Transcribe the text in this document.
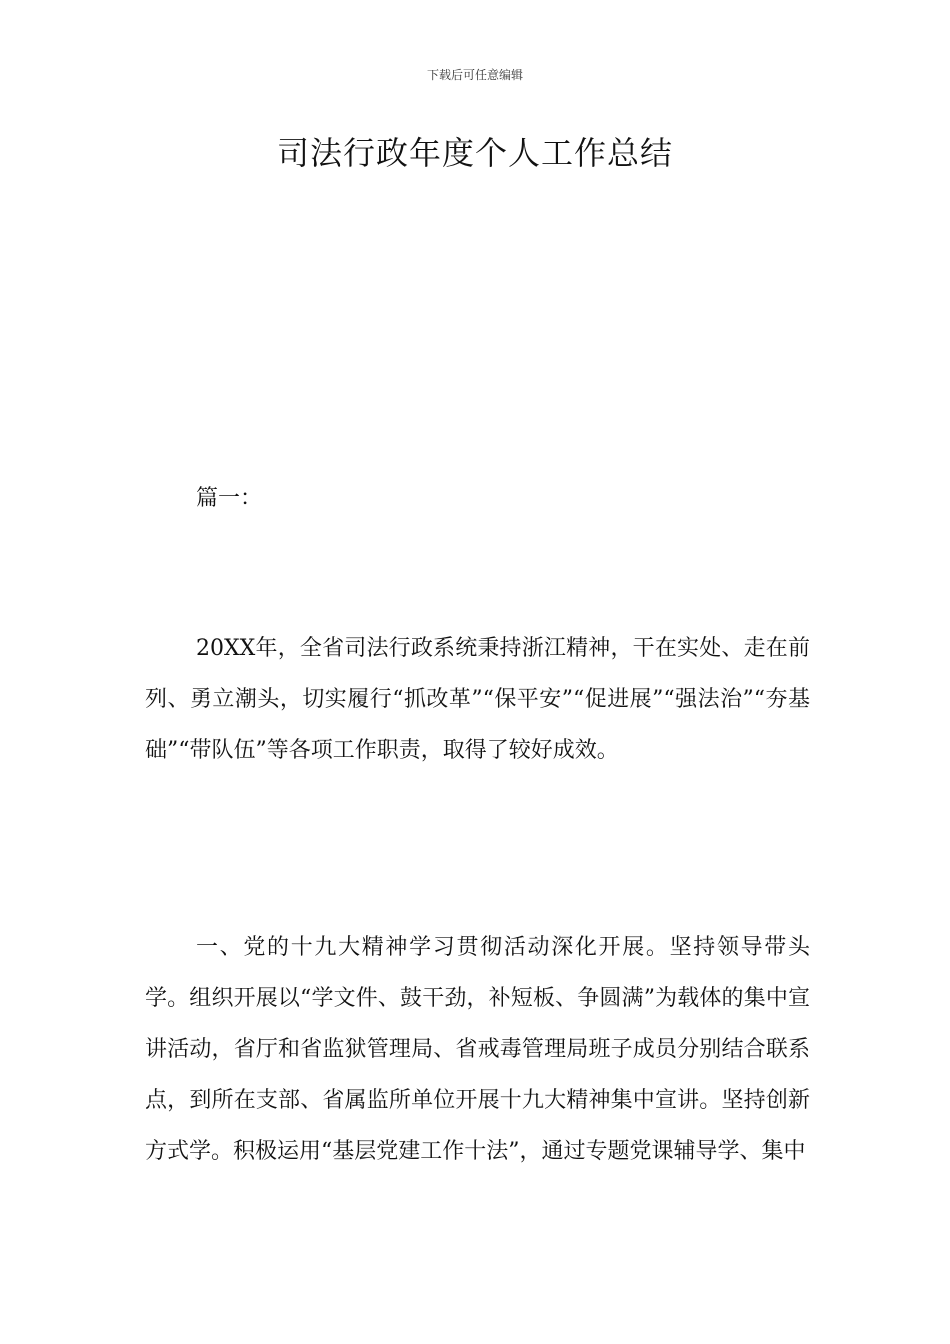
下载后可任意编辑
司法行政年度个人工作总结
篇一：

20XX年，全省司法行政系统秉持浙江精神，干在实处、走在前列、勇立潮头，切实履行“抓改革”“保平安”“促进展”“强法治”“夯基础”“带队伍”等各项工作职责，取得了较好成效。

一、党的十九大精神学习贯彻活动深化开展。坚持领导带头学。组织开展以“学文件、鼓干劲，补短板、争圆满”为载体的集中宣讲活动，省厅和省监狱管理局、省戒毒管理局班子成员分别结合联系点，到所在支部、省属监所单位开展十九大精神集中宣讲。坚持创新方式学。积极运用“基层党建工作十法”，通过专题党课辅导学、集中
